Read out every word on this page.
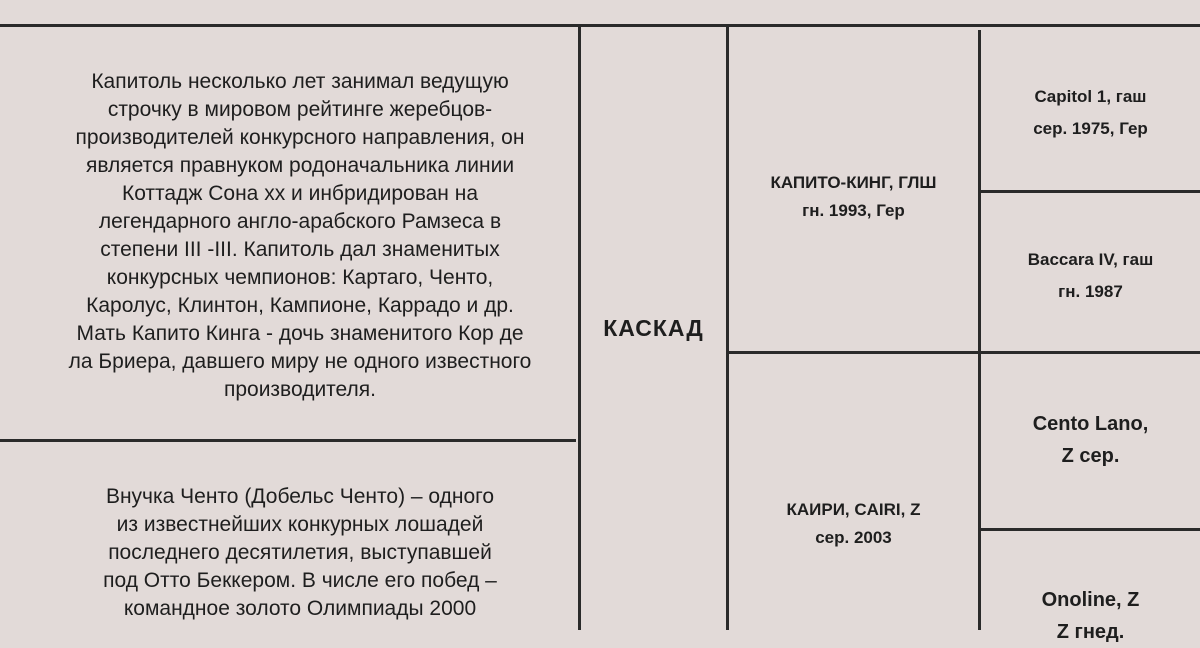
Капитоль несколько лет занимал ведущую
строчку в мировом рейтинге жеребцов-
производителей конкурсного направления, он
является правнуком родоначальника линии
Коттадж Сона хх и инбридирован на
легендарного англо-арабского Рамзеса в
степени III -III. Капитоль дал знаменитых
конкурсных чемпионов: Картаго, Ченто,
Каролус, Клинтон, Кампионе, Каррадо и др.
Мать Капито Кинга - дочь знаменитого Кор де
ла Бриера, давшего миру не одного известного
производителя.
Внучка Ченто (Добельс Ченто) – одного
из известнейших конкурных лошадей
последнего десятилетия, выступавшей
под Отто Беккером. В числе его побед –
командное золото Олимпиады 2000
КАСКАД
КАПИТО-КИНГ, ГЛШ
гн. 1993, Гер
КАИРИ, CAIRI, Z
сер. 2003
Capitol 1, гаш
сер. 1975, Гер
Baccara IV, гаш
гн. 1987
Cento Lano,
Z сер.
Onoline, Z
Z гнед.
